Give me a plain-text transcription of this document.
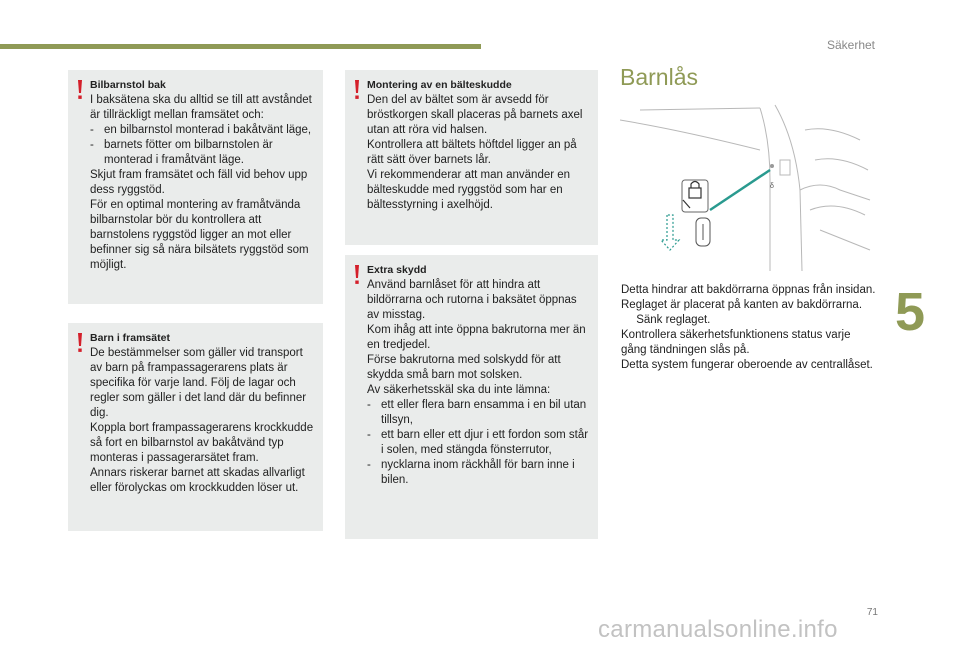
Säkerhet

Bilbarnstol bak

I baksätena ska du alltid se till att avståndet är tillräckligt mellan framsätet och:

- en bilbarnstol monterad i bakåtvänt läge,

- barnets fötter om bilbarnstolen är monterad i framåtvänt läge.

Skjut fram framsätet och fäll vid behov upp dess ryggstöd.

För en optimal montering av framåtvända bilbarnstolar bör du kontrollera att barnstolens ryggstöd ligger an mot eller befinner sig så nära bilsätets ryggstöd som möjligt.

Barn i framsätet

De bestämmelser som gäller vid transport av barn på frampassagerarens plats är specifika för varje land. Följ de lagar och regler som gäller i det land där du befinner dig.

Koppla bort frampassagerarens krockkudde så fort en bilbarnstol av bakåtvänd typ monteras i passagerarsätet fram.

Annars riskerar barnet att skadas allvarligt eller förolyckas om krockkudden löser ut.

Montering av en bälteskudde

Den del av bältet som är avsedd för bröstkorgen skall placeras på barnets axel utan att röra vid halsen.

Kontrollera att bältets höftdel ligger an på rätt sätt över barnets lår.

Vi rekommenderar att man använder en bälteskudde med ryggstöd som har en bältesstyrning i axelhöjd.

Extra skydd

Använd barnlåset för att hindra att bildörrarna och rutorna i baksätet öppnas av misstag.

Kom ihåg att inte öppna bakrutorna mer än en tredjedel.

Förse bakrutorna med solskydd för att skydda små barn mot solsken.

Av säkerhetsskäl ska du inte lämna:

- ett eller flera barn ensamma i en bil utan tillsyn,

- ett barn eller ett djur i ett fordon som står i solen, med stängda fönsterrutor,

- nycklarna inom räckhåll för barn inne i bilen.

Barnlås
δ

Detta hindrar att bakdörrarna öppnas från insidan.

Reglaget är placerat på kanten av bakdörrarna.

Sänk reglaget.

Kontrollera säkerhetsfunktionens status varje gång tändningen slås på.

Detta system fungerar oberoende av centrallåset.

5
71
carmanualsonline.info
